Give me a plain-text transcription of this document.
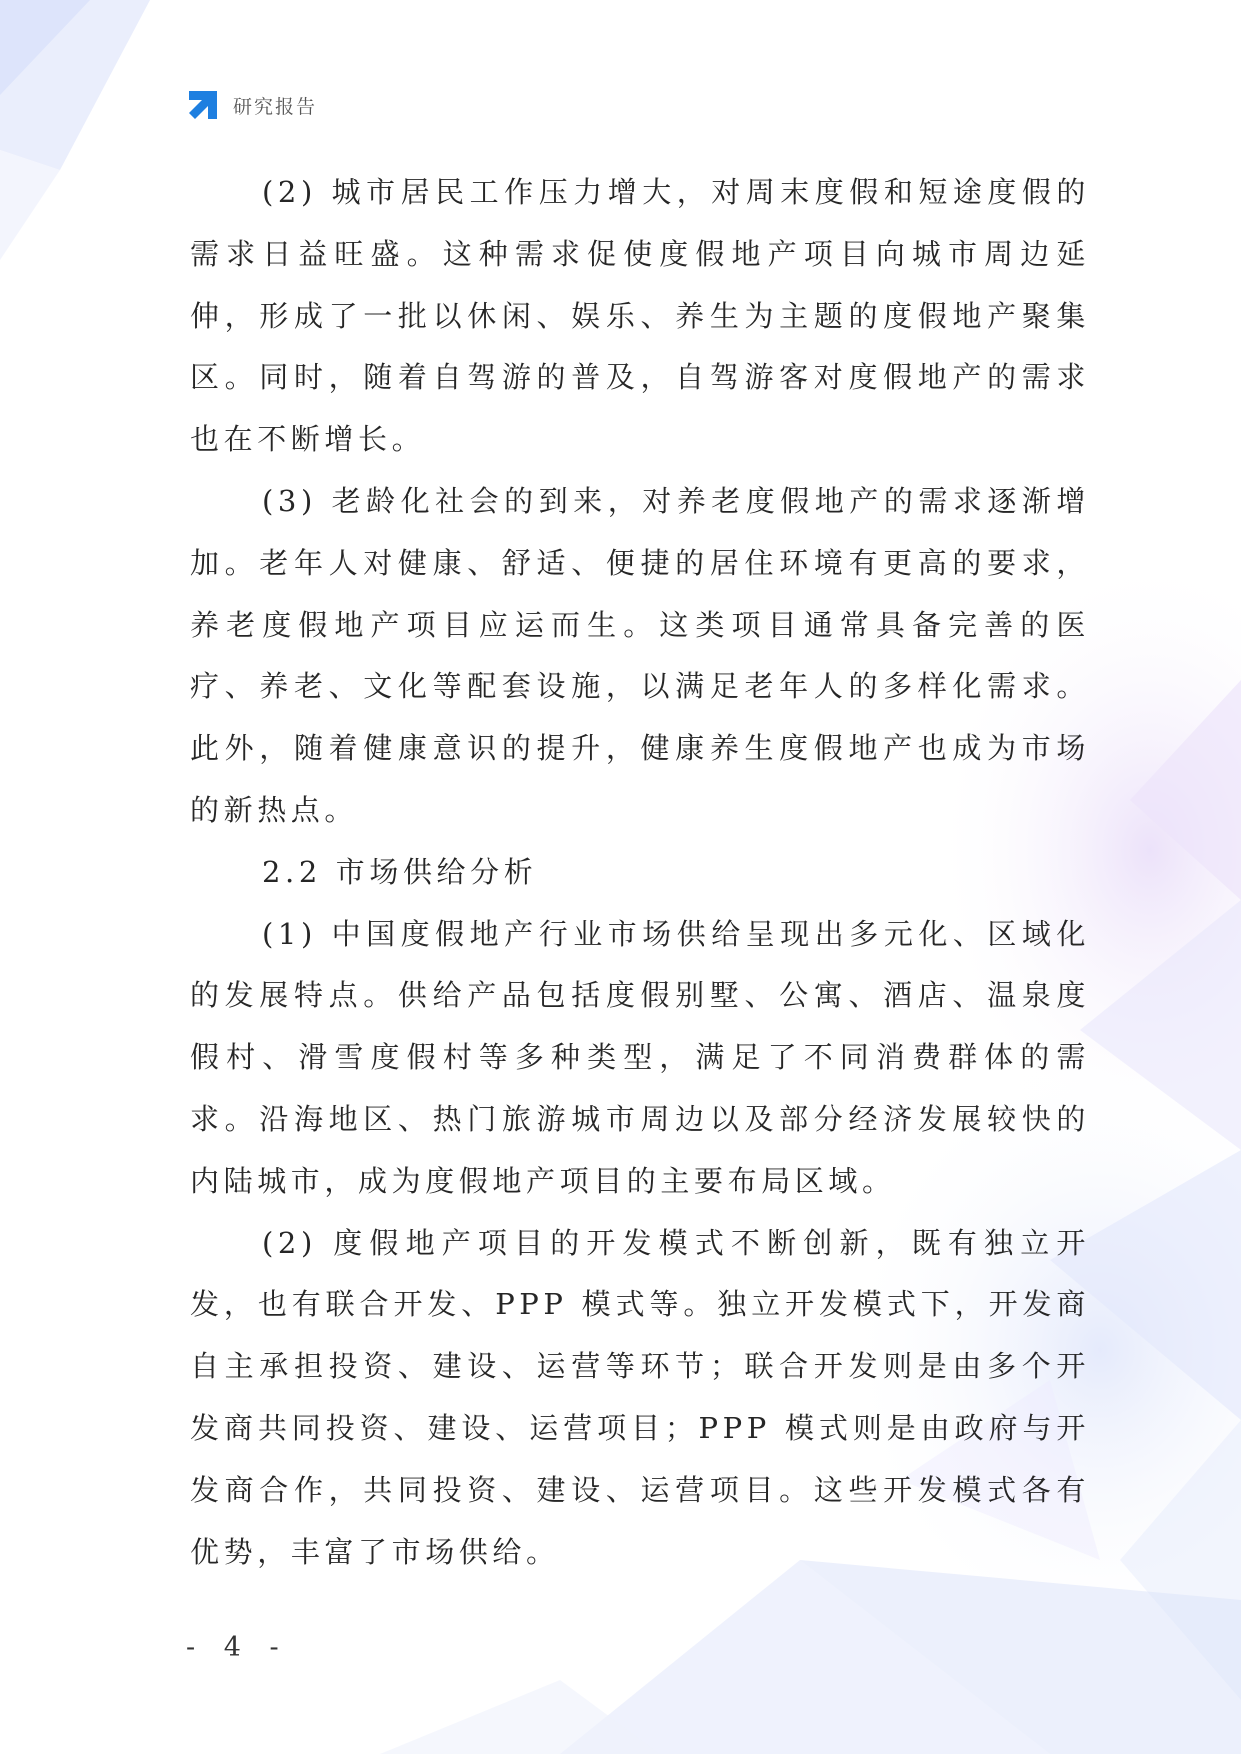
研究报告

(2) 城市居民工作压力增大，对周末度假和短途度假的需求日益旺盛。这种需求促使度假地产项目向城市周边延伸，形成了一批以休闲、娱乐、养生为主题的度假地产聚集区。同时，随着自驾游的普及，自驾游客对度假地产的需求也在不断增长。

(3) 老龄化社会的到来，对养老度假地产的需求逐渐增加。老年人对健康、舒适、便捷的居住环境有更高的要求，养老度假地产项目应运而生。这类项目通常具备完善的医疗、养老、文化等配套设施，以满足老年人的多样化需求。此外，随着健康意识的提升，健康养生度假地产也成为市场的新热点。

2.2 市场供给分析

(1) 中国度假地产行业市场供给呈现出多元化、区域化的发展特点。供给产品包括度假别墅、公寓、酒店、温泉度假村、滑雪度假村等多种类型，满足了不同消费群体的需求。沿海地区、热门旅游城市周边以及部分经济发展较快的内陆城市，成为度假地产项目的主要布局区域。

(2) 度假地产项目的开发模式不断创新，既有独立开发，也有联合开发、PPP 模式等。独立开发模式下，开发商自主承担投资、建设、运营等环节；联合开发则是由多个开发商共同投资、建设、运营项目；PPP 模式则是由政府与开发商合作，共同投资、建设、运营项目。这些开发模式各有优势，丰富了市场供给。

- 4 -
